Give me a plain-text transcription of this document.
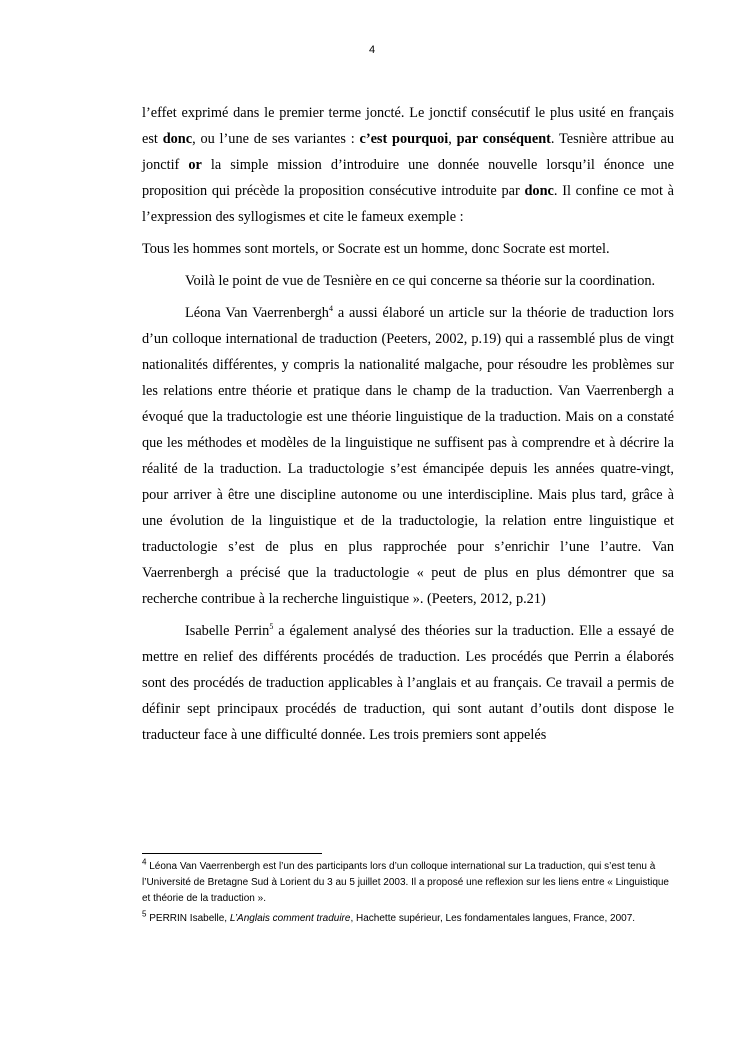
4

l’effet exprimé dans le premier terme joncté. Le jonctif consécutif le plus usité en français est donc, ou l’une de ses variantes : c’est pourquoi, par conséquent. Tesnière attribue au jonctif or la simple mission d’introduire une donnée nouvelle lorsqu’il énonce une proposition qui précède la proposition consécutive introduite par donc. Il confine ce mot à l’expression des syllogismes et cite le fameux exemple :

Tous les hommes sont mortels, or Socrate est un homme, donc Socrate est mortel.

Voilà le point de vue de Tesnière en ce qui concerne sa théorie sur la coordination.

Léona Van Vaerrenbergh$^4$ a aussi élaboré un article sur la théorie de traduction lors d’un colloque international de traduction (Peeters, 2002, p.19) qui a rassemblé plus de vingt nationalités différentes, y compris la nationalité malgache, pour résoudre les problèmes sur les relations entre théorie et pratique dans le champ de la traduction. Van Vaerrenbergh a évoqué que la traductologie est une théorie linguistique de la traduction. Mais on a constaté que les méthodes et modèles de la linguistique ne suffisent pas à comprendre et à décrire la réalité de la traduction. La traductologie s’est émancipée depuis les années quatre-vingt, pour arriver à être une discipline autonome ou une interdiscipline. Mais plus tard, grâce à une évolution de la linguistique et de la traductologie, la relation entre linguistique et traductologie s’est de plus en plus rapprochée pour s’enrichir l’une l’autre. Van Vaerrenbergh a précisé que la traductologie « peut de plus en plus démontrer que sa recherche contribue à la recherche linguistique ». (Peeters, 2012, p.21)

Isabelle Perrin$^5$ a également analysé des théories sur la traduction. Elle a essayé de mettre en relief des différents procédés de traduction. Les procédés que Perrin a élaborés sont des procédés de traduction applicables à l’anglais et au français. Ce travail a permis de définir sept principaux procédés de traduction, qui sont autant d’outils dont dispose le traducteur face à une difficulté donnée. Les trois premiers sont appelés

$^4$ Léona Van Vaerrenbergh est l’un des participants lors d’un colloque international sur La traduction, qui s’est tenu à l’Université de Bretagne Sud à Lorient du 3 au 5 juillet 2003. Il a proposé une reflexion sur les liens entre « Linguistique et théorie de la traduction ».

$^5$ PERRIN Isabelle, L’Anglais comment traduire, Hachette supérieur, Les fondamentales langues, France, 2007.
